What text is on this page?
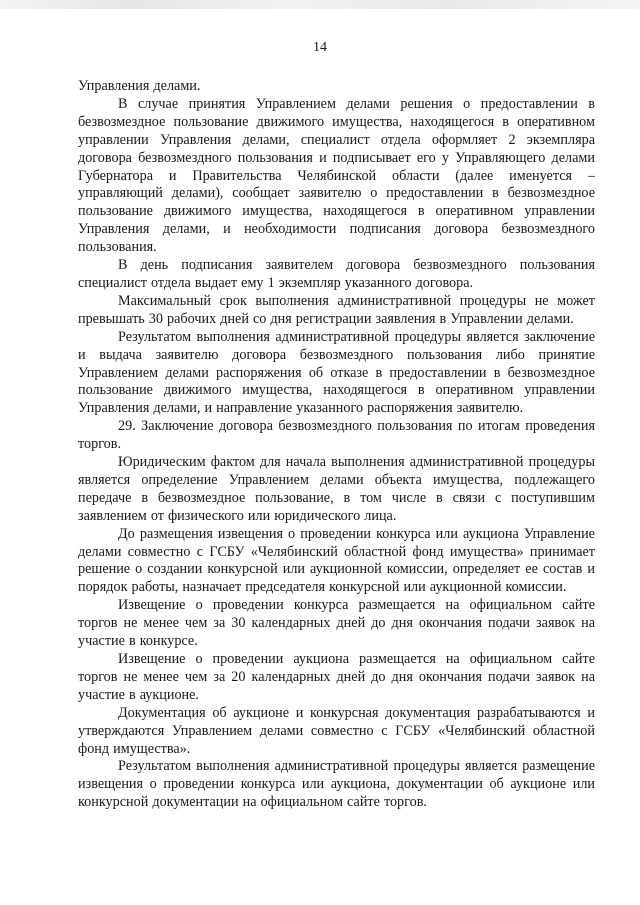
14

Управления делами.

В случае принятия Управлением делами решения о предоставлении в безвозмездное пользование движимого имущества, находящегося в оперативном управлении Управления делами, специалист отдела оформляет 2 экземпляра договора безвозмездного пользования и подписывает его у Управляющего делами Губернатора и Правительства Челябинской области (далее именуется – управляющий делами), сообщает заявителю о предоставлении в безвозмездное пользование движимого имущества, находящегося в оперативном управлении Управления делами, и необходимости подписания договора безвозмездного пользования.

В день подписания заявителем договора безвозмездного пользования специалист отдела выдает ему 1 экземпляр указанного договора.

Максимальный срок выполнения административной процедуры не может превышать 30 рабочих дней со дня регистрации заявления в Управлении делами.

Результатом выполнения административной процедуры является заключение и выдача заявителю договора безвозмездного пользования либо принятие Управлением делами распоряжения об отказе в предоставлении в безвозмездное пользование движимого имущества, находящегося в оперативном управлении Управления делами, и направление указанного распоряжения заявителю.

29. Заключение договора безвозмездного пользования по итогам проведения торгов.

Юридическим фактом для начала выполнения административной процедуры является определение Управлением делами объекта имущества, подлежащего передаче в безвозмездное пользование, в том числе в связи с поступившим заявлением от физического или юридического лица.

До размещения извещения о проведении конкурса или аукциона Управление делами совместно с ГСБУ «Челябинский областной фонд имущества» принимает решение о создании конкурсной или аукционной комиссии, определяет ее состав и порядок работы, назначает председателя конкурсной или аукционной комиссии.

Извещение о проведении конкурса размещается на официальном сайте торгов не менее чем за 30 календарных дней до дня окончания подачи заявок на участие в конкурсе.

Извещение о проведении аукциона размещается на официальном сайте торгов не менее чем за 20 календарных дней до дня окончания подачи заявок на участие в аукционе.

Документация об аукционе и конкурсная документация разрабатываются и утверждаются Управлением делами совместно с ГСБУ «Челябинский областной фонд имущества».

Результатом выполнения административной процедуры является размещение извещения о проведении конкурса или аукциона, документации об аукционе или конкурсной документации на официальном сайте торгов.
